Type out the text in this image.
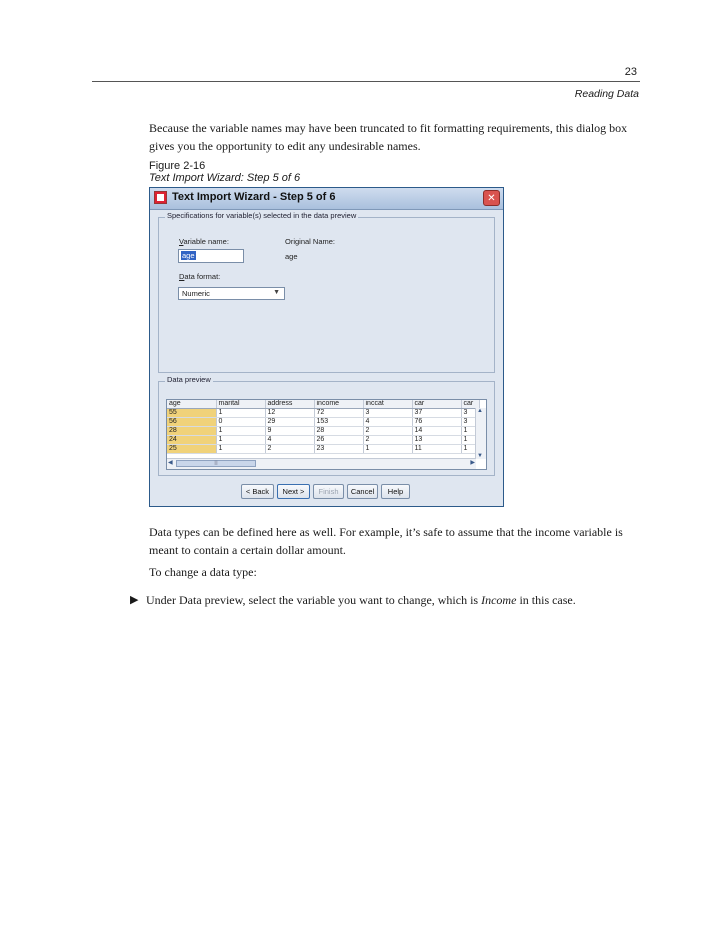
23
Reading Data
Because the variable names may have been truncated to fit formatting requirements, this dialog box gives you the opportunity to edit any undesirable names.
Figure 2-16
Text Import Wizard: Step 5 of 6
Text Import Wizard - Step 5 of 6	✕
Specifications for variable(s) selected in the data preview
Variable name:
age
Original Name:
age
Data format:
Numeric	▼
Data preview
age	marital	address	income	inccat	car	car
55	1	12	72	3	37	3
56	0	29	153	4	76	3
28	1	9	28	2	14	1
24	1	4	26	2	13	1
25	1	2	23	1	11	1
▲
▼
◀	|||	▶
< Back	Next >	Finish	Cancel	Help
Data types can be defined here as well. For example, it’s safe to assume that the income variable is meant to contain a certain dollar amount.
To change a data type:
▶ Under Data preview, select the variable you want to change, which is Income in this case.
